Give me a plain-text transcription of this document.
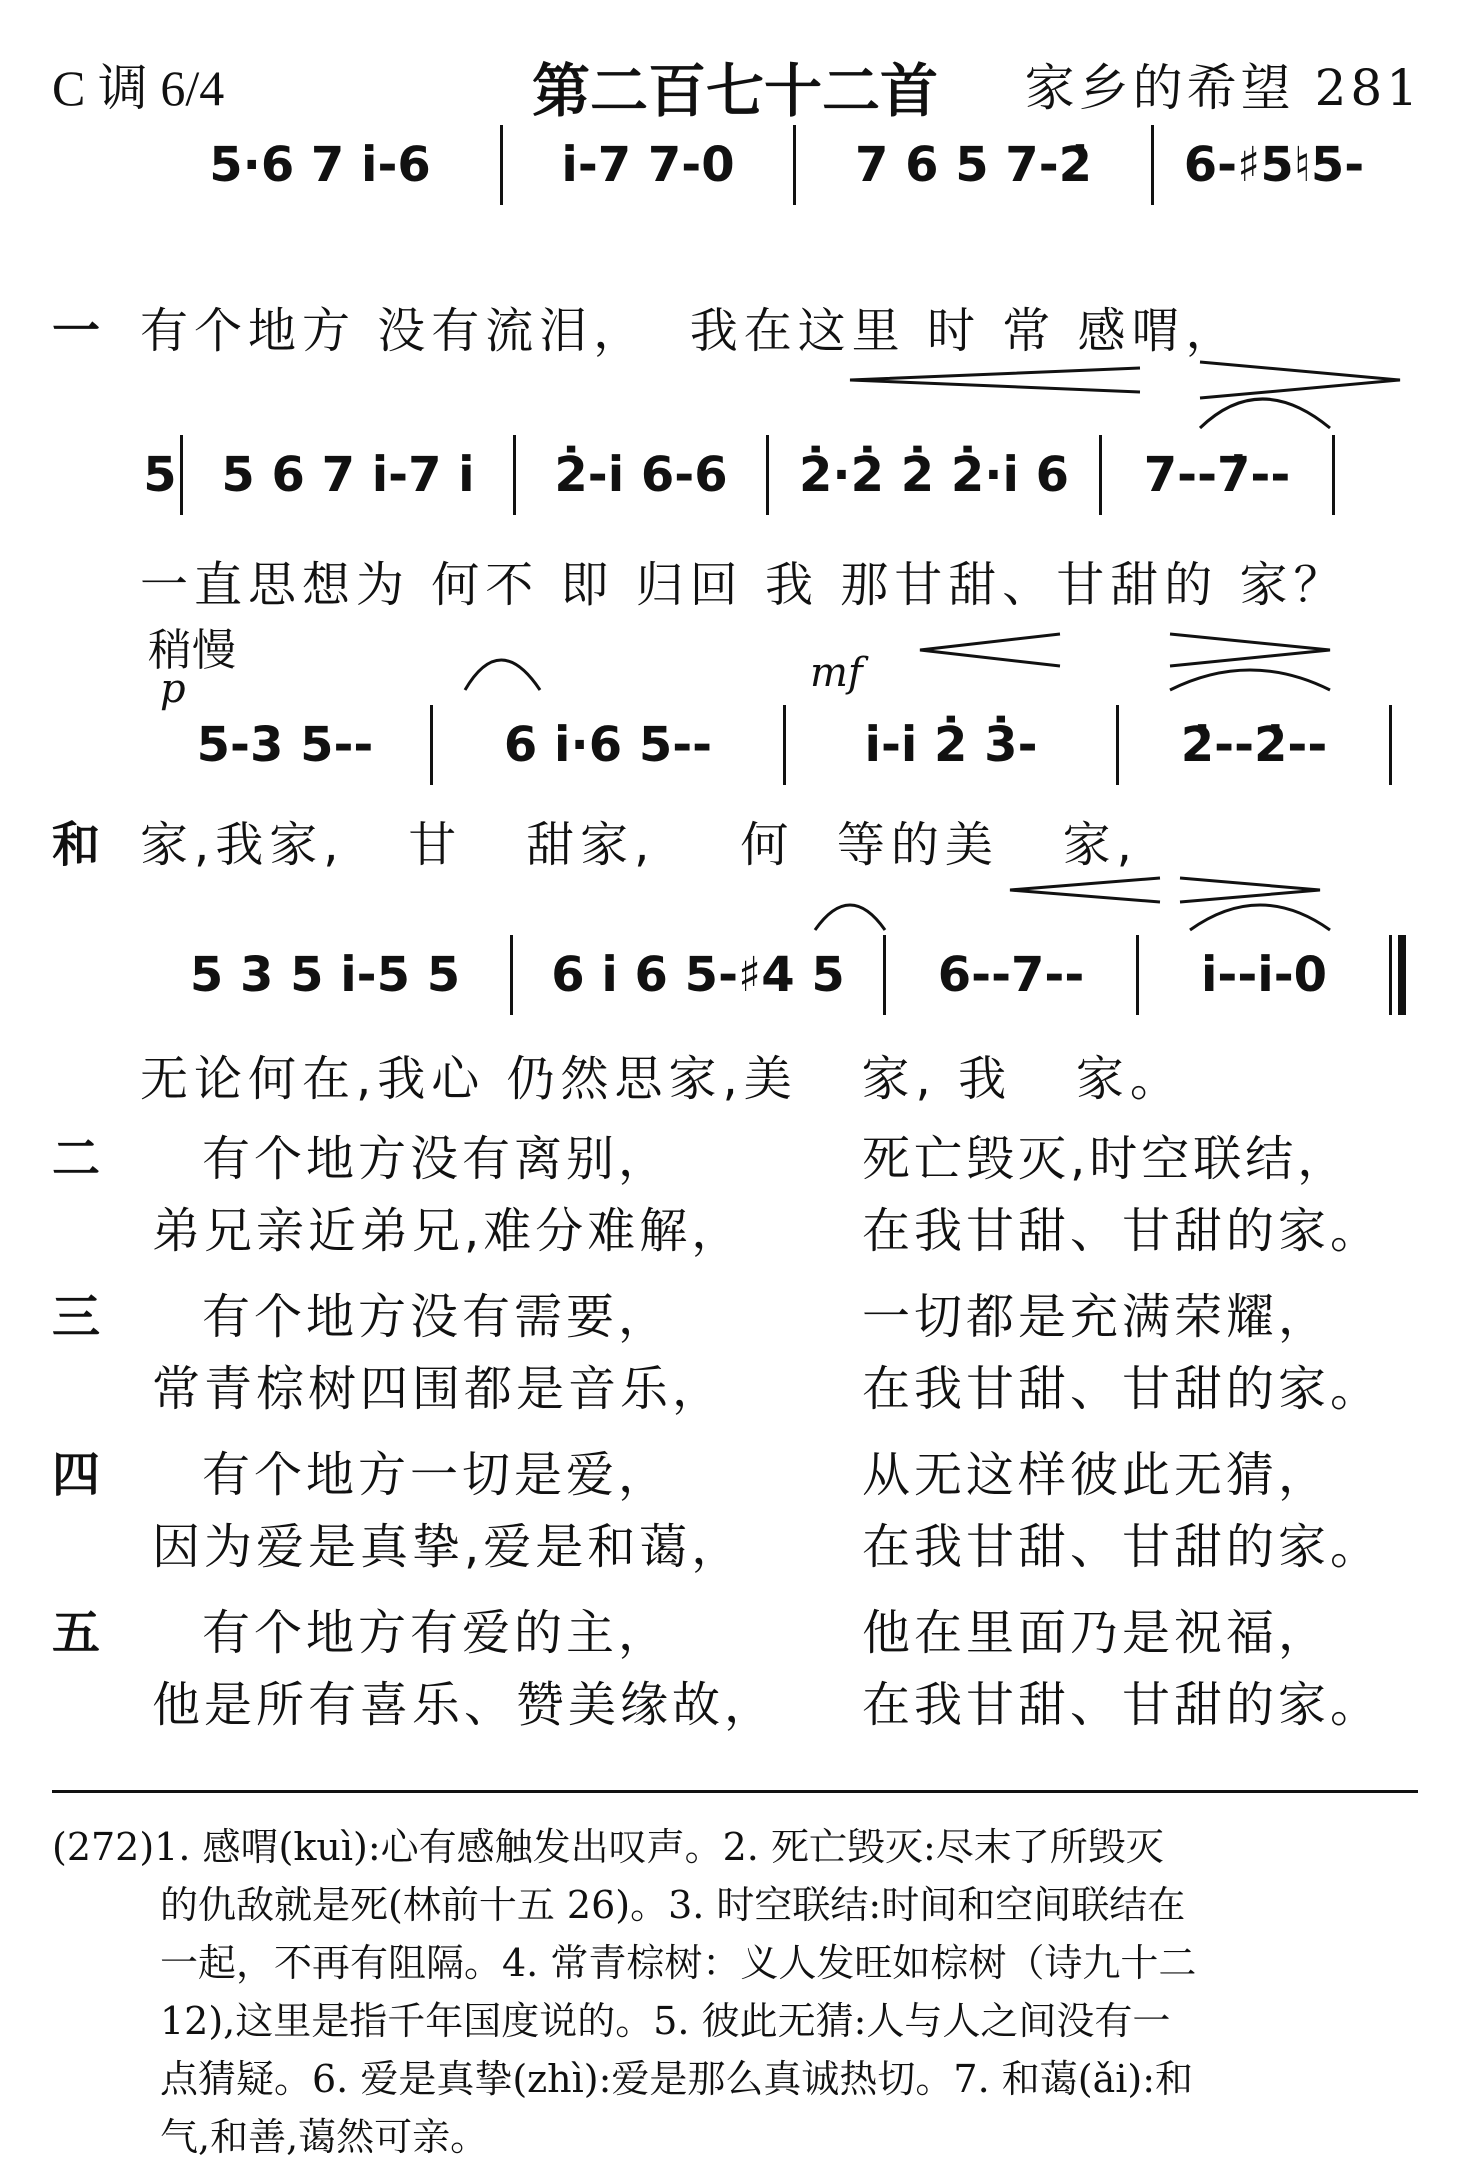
C 调 6/4	第二百七十二首	家乡的希望 281
5·6 7 i̇-6	i̇-7 7-0	7 6 5 7-2̇	6-♯5♮5-
一 有个地方 没有流泪，  我在这里 时 常 感喟，
5 5 6 7 i̇-7 i̇	2̇-i̇ 6-6	2̇·2̇ 2̇ 2̇·i̇ 6	7--7̇--
一直思想为 何不 即 归回 我 那甘甜、甘甜的 家？
稍慢
p	mf
5-3 5--	6 i̇·6 5--	i̇-i̇ 2̇ 3̇-	2̇--2̇--
和 家,我家,   甘   甜家,    何  等的美   家,
5 3 5 i̇-5 5	6 i̇ 6 5-♯4 5	6--7--	i̇--i̇-0
无论何在,我心 仍然思家,美   家, 我   家。
二 有个地方没有离别，	死亡毁灭,时空联结，
弟兄亲近弟兄,难分难解， 在我甘甜、甘甜的家。
三 有个地方没有需要，	一切都是充满荣耀，
常青棕树四围都是音乐，	在我甘甜、甘甜的家。
四 有个地方一切是爱，	从无这样彼此无猜，
因为爱是真挚,爱是和蔼， 在我甘甜、甘甜的家。
五 有个地方有爱的主，	他在里面乃是祝福，
他是所有喜乐、赞美缘故， 在我甘甜、甘甜的家。
(272)1. 感喟(kuì):心有感触发出叹声。2. 死亡毁灭:尽末了所毁灭
的仇敌就是死(林前十五 26)。3. 时空联结:时间和空间联结在
一起，不再有阻隔。4. 常青棕树：义人发旺如棕树（诗九十二
12),这里是指千年国度说的。5. 彼此无猜:人与人之间没有一
点猜疑。6. 爱是真挚(zhì):爱是那么真诚热切。7. 和蔼(ǎi):和
气,和善,蔼然可亲。
